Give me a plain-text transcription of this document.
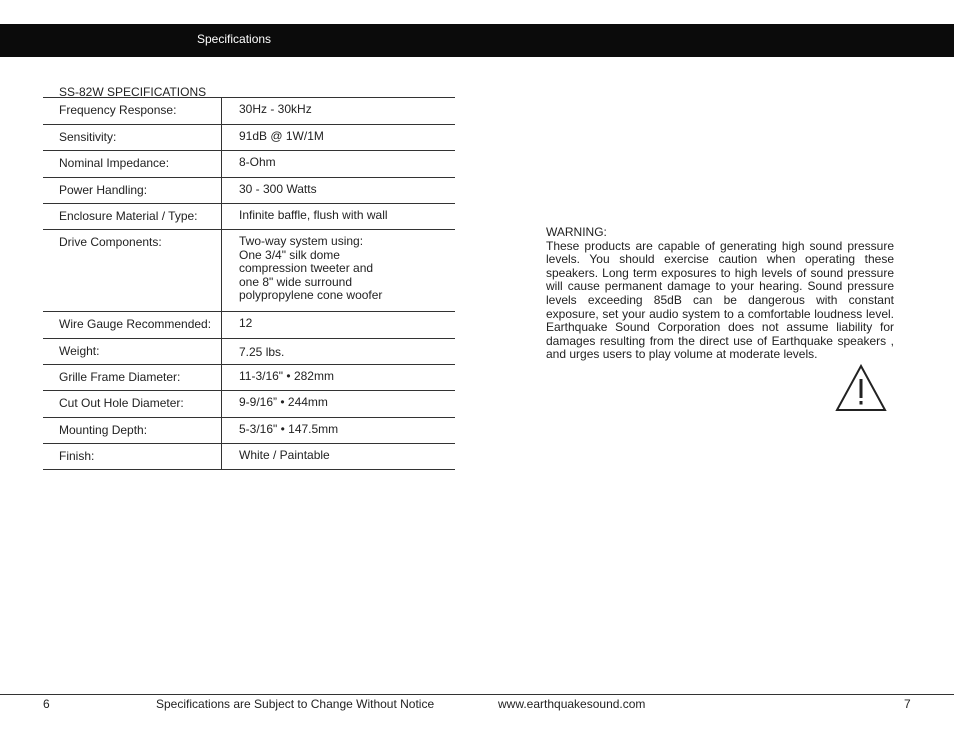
Specifications
SS-82W SPECIFICATIONS
Frequency Response:	30Hz - 30kHz
Sensitivity:	91dB @ 1W/1M
Nominal Impedance:	8-Ohm
Power Handling:	30 - 300 Watts
Enclosure Material / Type:	Infinite baffle, flush with wall
Drive Components:	Two-way system using:
One 3/4" silk dome
compression tweeter and
one 8" wide surround
polypropylene cone woofer
Wire Gauge Recommended:	12
Weight:	7.25 lbs.
Grille Frame Diameter:	11-3/16" • 282mm
Cut Out Hole Diameter:	9-9/16” • 244mm
Mounting Depth:	5-3/16" • 147.5mm
Finish:	White / Paintable
WARNING:
These products are capable of generating high sound pressure levels. You should exercise caution when operating these speakers. Long term exposures to high levels of sound pressure will cause permanent damage to your hearing. Sound pressure levels exceeding 85dB can be dangerous with constant exposure, set your audio system to a comfortable loudness level. Earthquake Sound Corporation does not assume liability for damages resulting from the direct use of Earthquake speakers , and urges users to play volume at moderate levels.
6	Specifications are Subject to Change Without Notice	www.earthquakesound.com	7
